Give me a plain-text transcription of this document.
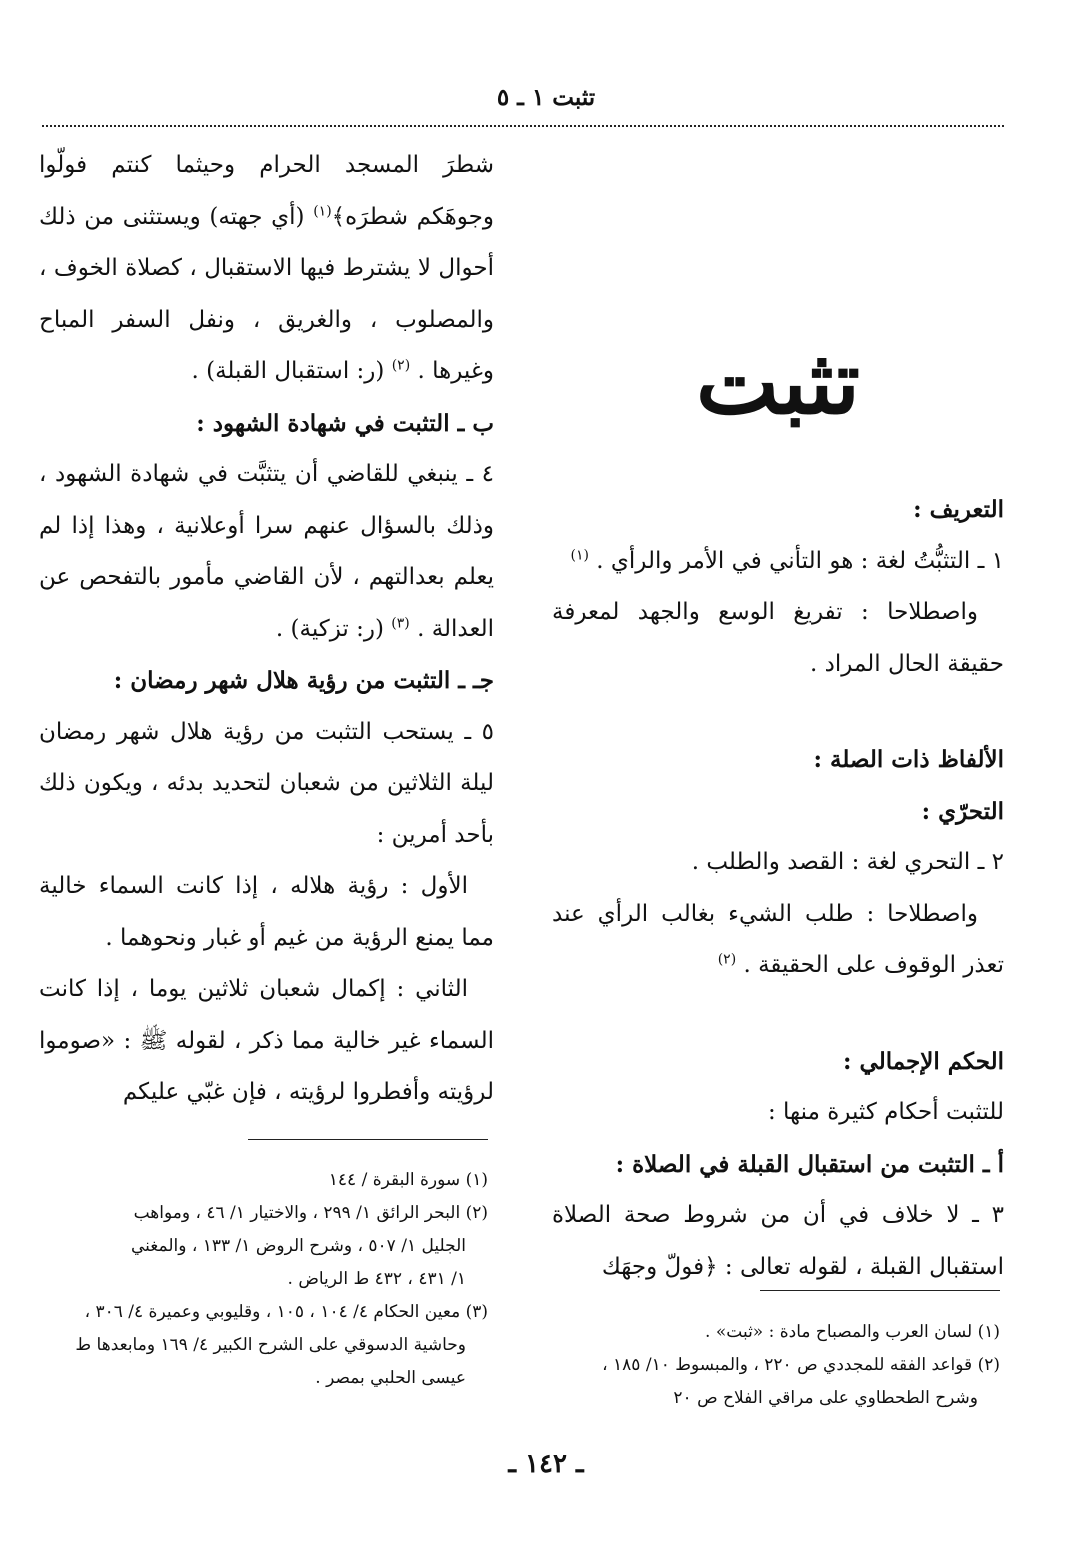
تثبت ١ ـ ٥
تثبت

التعريف :

١ ـ التثبُّتُ لغة : هو التأني في الأمر والرأي . $^{(١)}$

واصطلاحا : تفريغ الوسع والجهد لمعرفة حقيقة الحال المراد .

الألفاظ ذات الصلة :

التحرّي :

٢ ـ التحري لغة : القصد والطلب .

واصطلاحا : طلب الشيء بغالب الرأي عند تعذر الوقوف على الحقيقة . $^{(٢)}$

الحكم الإجمالي :

للتثبت أحكام كثيرة منها :

أ ـ التثبت من استقبال القبلة في الصلاة :

٣ ـ لا خلاف في أن من شروط صحة الصلاة استقبال القبلة ، لقوله تعالى : ﴿فولّ وجهَك

شطرَ المسجد الحرام وحيثما كنتم فولّوا وجوهَكم شطرَه﴾$^{(١)}$ (أي جهته) ويستثنى من ذلك أحوال لا يشترط فيها الاستقبال ، كصلاة الخوف ، والمصلوب ، والغريق ، ونفل السفر المباح وغيرها . $^{(٢)}$ (ر: استقبال القبلة) .

ب ـ التثبت في شهادة الشهود :

٤ ـ ينبغي للقاضي أن يتثبَّت في شهادة الشهود ، وذلك بالسؤال عنهم سرا أوعلانية ، وهذا إذا لم يعلم بعدالتهم ، لأن القاضي مأمور بالتفحص عن العدالة . $^{(٣)}$ (ر: تزكية) .

جـ ـ التثبت من رؤية هلال شهر رمضان :

٥ ـ يستحب التثبت من رؤية هلال شهر رمضان ليلة الثلاثين من شعبان لتحديد بدئه ، ويكون ذلك بأحد أمرين :

الأول : رؤية هلاله ، إذا كانت السماء خالية مما يمنع الرؤية من غيم أو غبار ونحوهما .

الثاني : إكمال شعبان ثلاثين يوما ، إذا كانت السماء غير خالية مما ذكر ، لقوله ﷺ : «صوموا لرؤيته وأفطروا لرؤيته ، فإن غبّي عليكم

(١) لسان العرب والمصباح مادة : «ثبت» .
(٢) قواعد الفقه للمجددي ص ٢٢٠ ، والمبسوط ١٠/ ١٨٥ ،
وشرح الطحطاوي على مراقي الفلاح ص ٢٠
(١) سورة البقرة / ١٤٤
(٢) البحر الرائق ١/ ٢٩٩ ، والاختيار ١/ ٤٦ ، ومواهب
الجليل ١/ ٥٠٧ ، وشرح الروض ١/ ١٣٣ ، والمغني
١/ ٤٣١ ، ٤٣٢ ط الرياض .
(٣) معين الحكام ٤/ ١٠٤ ، ١٠٥ ، وقليوبي وعميرة ٤/ ٣٠٦ ،
وحاشية الدسوقي على الشرح الكبير ٤/ ١٦٩ ومابعدها ط
عيسى الحلبي بمصر .
ـ ١٤٢ ـ
